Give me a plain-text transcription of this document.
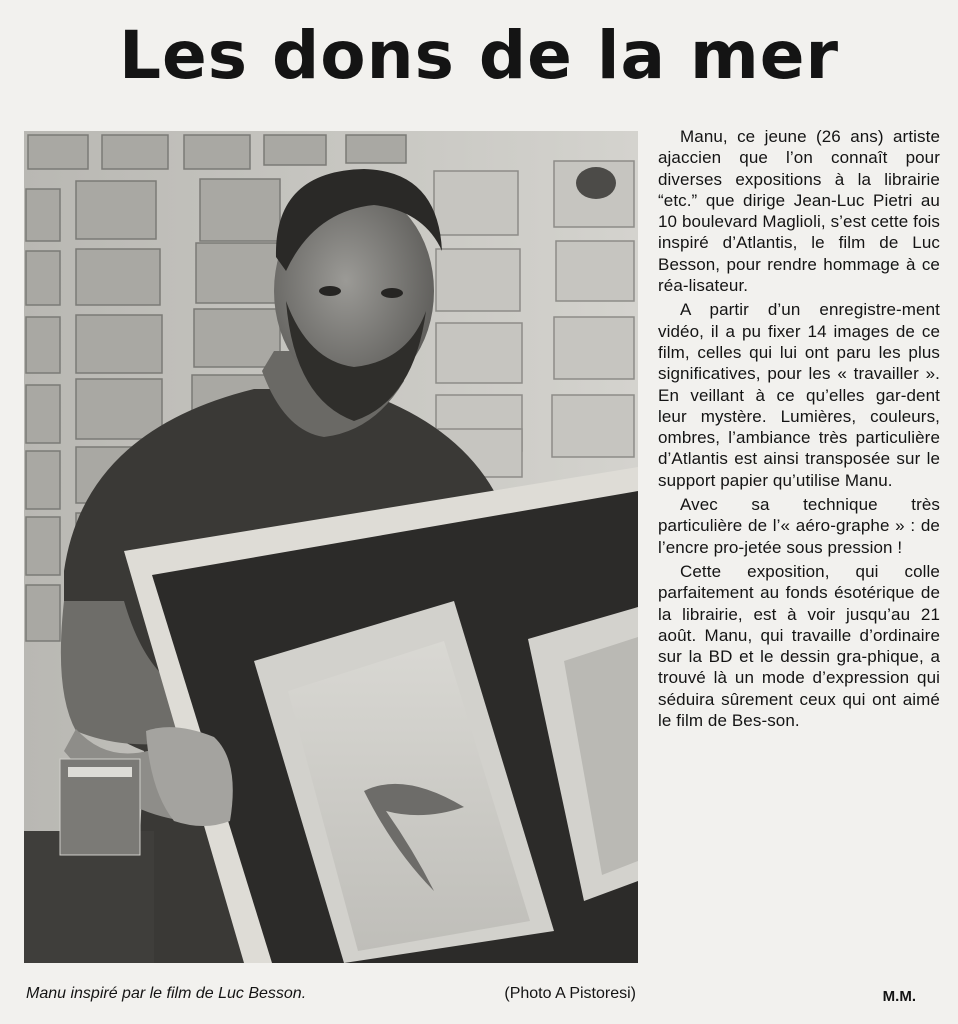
Les dons de la mer
Manu inspiré par le film de Luc Besson.	(Photo A Pistoresi)

Manu, ce jeune (26 ans) artiste ajaccien que l’on connaît pour diverses expositions à la librairie “etc.” que dirige Jean-Luc Pietri au 10 boulevard Maglioli, s’est cette fois inspiré d’Atlantis, le film de Luc Besson, pour rendre hommage à ce réa-lisateur.

A partir d’un enregistre-ment vidéo, il a pu fixer 14 images de ce film, celles qui lui ont paru les plus significatives, pour les « travailler ». En veillant à ce qu’elles gar-dent leur mystère. Lumières, couleurs, ombres, l’ambiance très particulière d’Atlantis est ainsi transposée sur le support papier qu’utilise Manu.

Avec sa technique très particulière de l’« aéro-graphe » : de l’encre pro-jetée sous pression !

Cette exposition, qui colle parfaitement au fonds ésotérique de la librairie, est à voir jusqu’au 21 août. Manu, qui travaille d’ordinaire sur la BD et le dessin gra-phique, a trouvé là un mode d’expression qui séduira sûrement ceux qui ont aimé le film de Bes-son.

M.M.
